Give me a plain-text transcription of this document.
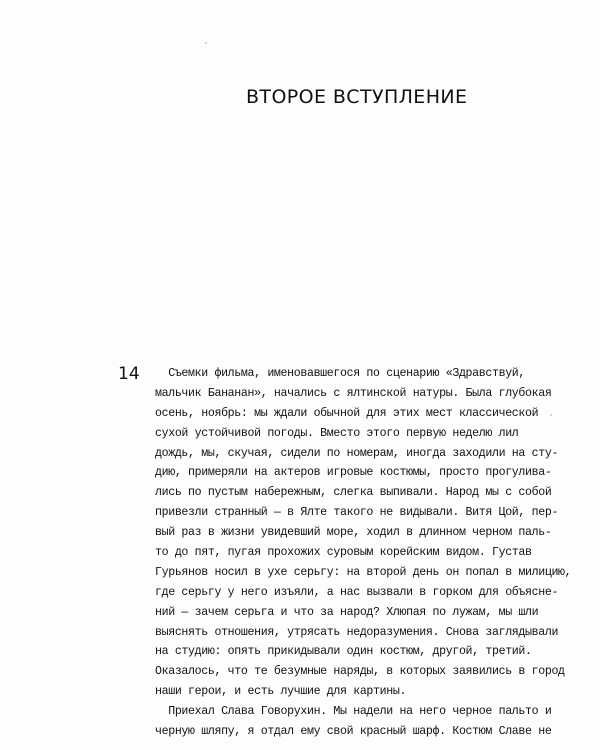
ВТОРОЕ ВСТУПЛЕНИЕ

14 Съемки фильма, именовавшегося по сценарию «Здравствуй,
мальчик Бананан», начались с ялтинской натуры. Была глубокая
осень, ноябрь: мы ждали обычной для этих мест классической
сухой устойчивой погоды. Вместо этого первую неделю лил
дождь, мы, скучая, сидели по номерам, иногда заходили на сту-
дию, примеряли на актеров игровые костюмы, просто прогулива-
лись по пустым набережным, слегка выпивали. Народ мы с собой
привезли странный — в Ялте такого не видывали. Витя Цой, пер-
вый раз в жизни увидевший море, ходил в длинном черном паль-
то до пят, пугая прохожих суровым корейским видом. Густав
Гурьянов носил в ухе серьгу: на второй день он попал в милицию,
где серьгу у него изъяли, а нас вызвали в горком для объясне-
ний — зачем серьга и что за народ? Хлюпая по лужам, мы шли
выяснять отношения, утрясать недоразумения. Снова заглядывали
на студию: опять прикидывали один костюм, другой, третий.
Оказалось, что те безумные наряды, в которых заявились в город
наши герои, и есть лучшие для картины.
Приехал Слава Говорухин. Мы надели на него черное пальто и
черную шляпу, я отдал ему свой красный шарф. Костюм Славе не
